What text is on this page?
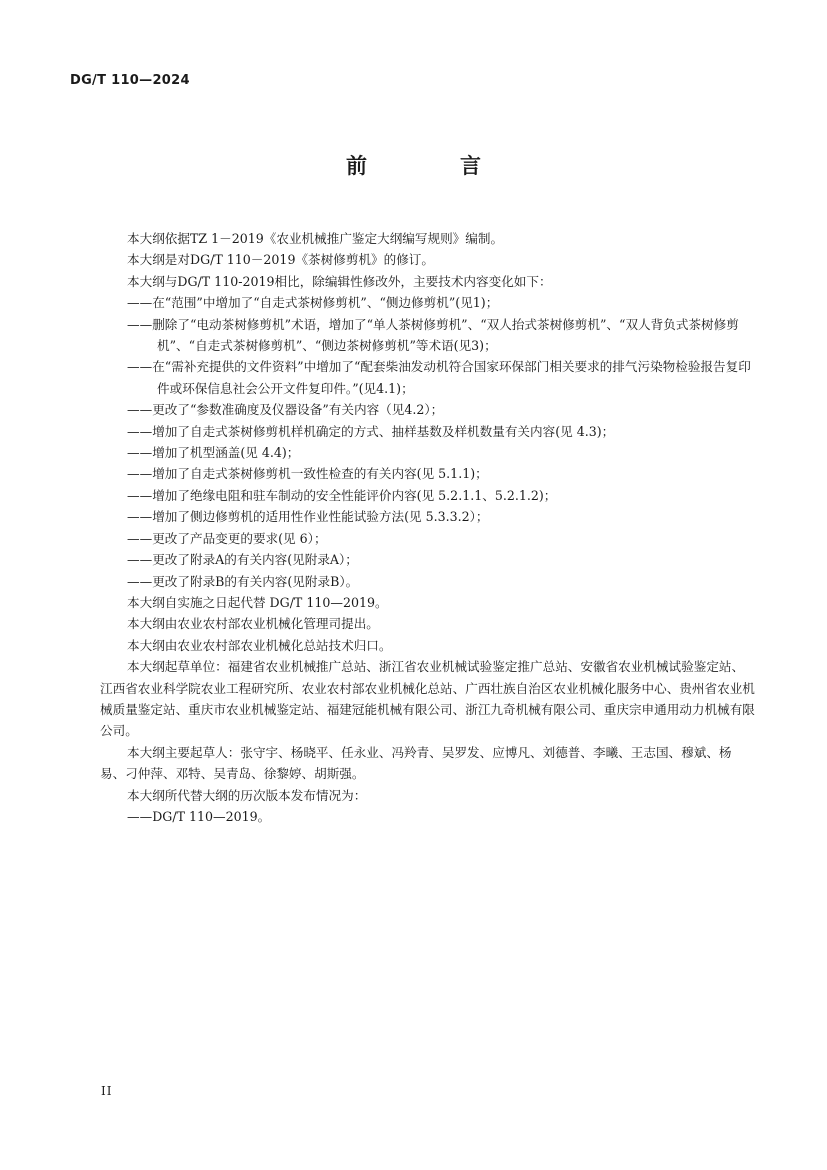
DG/T 110—2024
前　言

本大纲依据TZ 1－2019《农业机械推广鉴定大纲编写规则》编制。

本大纲是对DG/T 110－2019《茶树修剪机》的修订。

本大纲与DG/T 110-2019相比，除编辑性修改外，主要技术内容变化如下：

——在“范围”中增加了“自走式茶树修剪机”、“侧边修剪机”(见1)；

——删除了“电动茶树修剪机”术语，增加了“单人茶树修剪机”、“双人抬式茶树修剪机”、“双人背负式茶树修剪机”、“自走式茶树修剪机”、“侧边茶树修剪机”等术语(见3)；

——在“需补充提供的文件资料”中增加了“配套柴油发动机符合国家环保部门相关要求的排气污染物检验报告复印件或环保信息社会公开文件复印件。”(见4.1)；

——更改了“参数准确度及仪器设备”有关内容（见4.2）；

——增加了自走式茶树修剪机样机确定的方式、抽样基数及样机数量有关内容(见 4.3)；

——增加了机型涵盖(见 4.4)；

——增加了自走式茶树修剪机一致性检查的有关内容(见 5.1.1)；

——增加了绝缘电阻和驻车制动的安全性能评价内容(见 5.2.1.1、5.2.1.2)；

——增加了侧边修剪机的适用性作业性能试验方法(见 5.3.3.2）；

——更改了产品变更的要求(见 6）；

——更改了附录A的有关内容(见附录A）；

——更改了附录B的有关内容(见附录B）。

本大纲自实施之日起代替 DG/T 110—2019。

本大纲由农业农村部农业机械化管理司提出。

本大纲由农业农村部农业机械化总站技术归口。

本大纲起草单位：福建省农业机械推广总站、浙江省农业机械试验鉴定推广总站、安徽省农业机械试验鉴定站、江西省农业科学院农业工程研究所、农业农村部农业机械化总站、广西壮族自治区农业机械化服务中心、贵州省农业机械质量鉴定站、重庆市农业机械鉴定站、福建冠能机械有限公司、浙江九奇机械有限公司、重庆宗申通用动力机械有限公司。

本大纲主要起草人：张守宇、杨晓平、任永业、冯羚青、吴罗发、应博凡、刘德普、李曦、王志国、穆斌、杨易、刁仲萍、邓特、吴青岛、徐黎婷、胡斯强。

本大纲所代替大纲的历次版本发布情况为：

——DG/T 110—2019。

II
